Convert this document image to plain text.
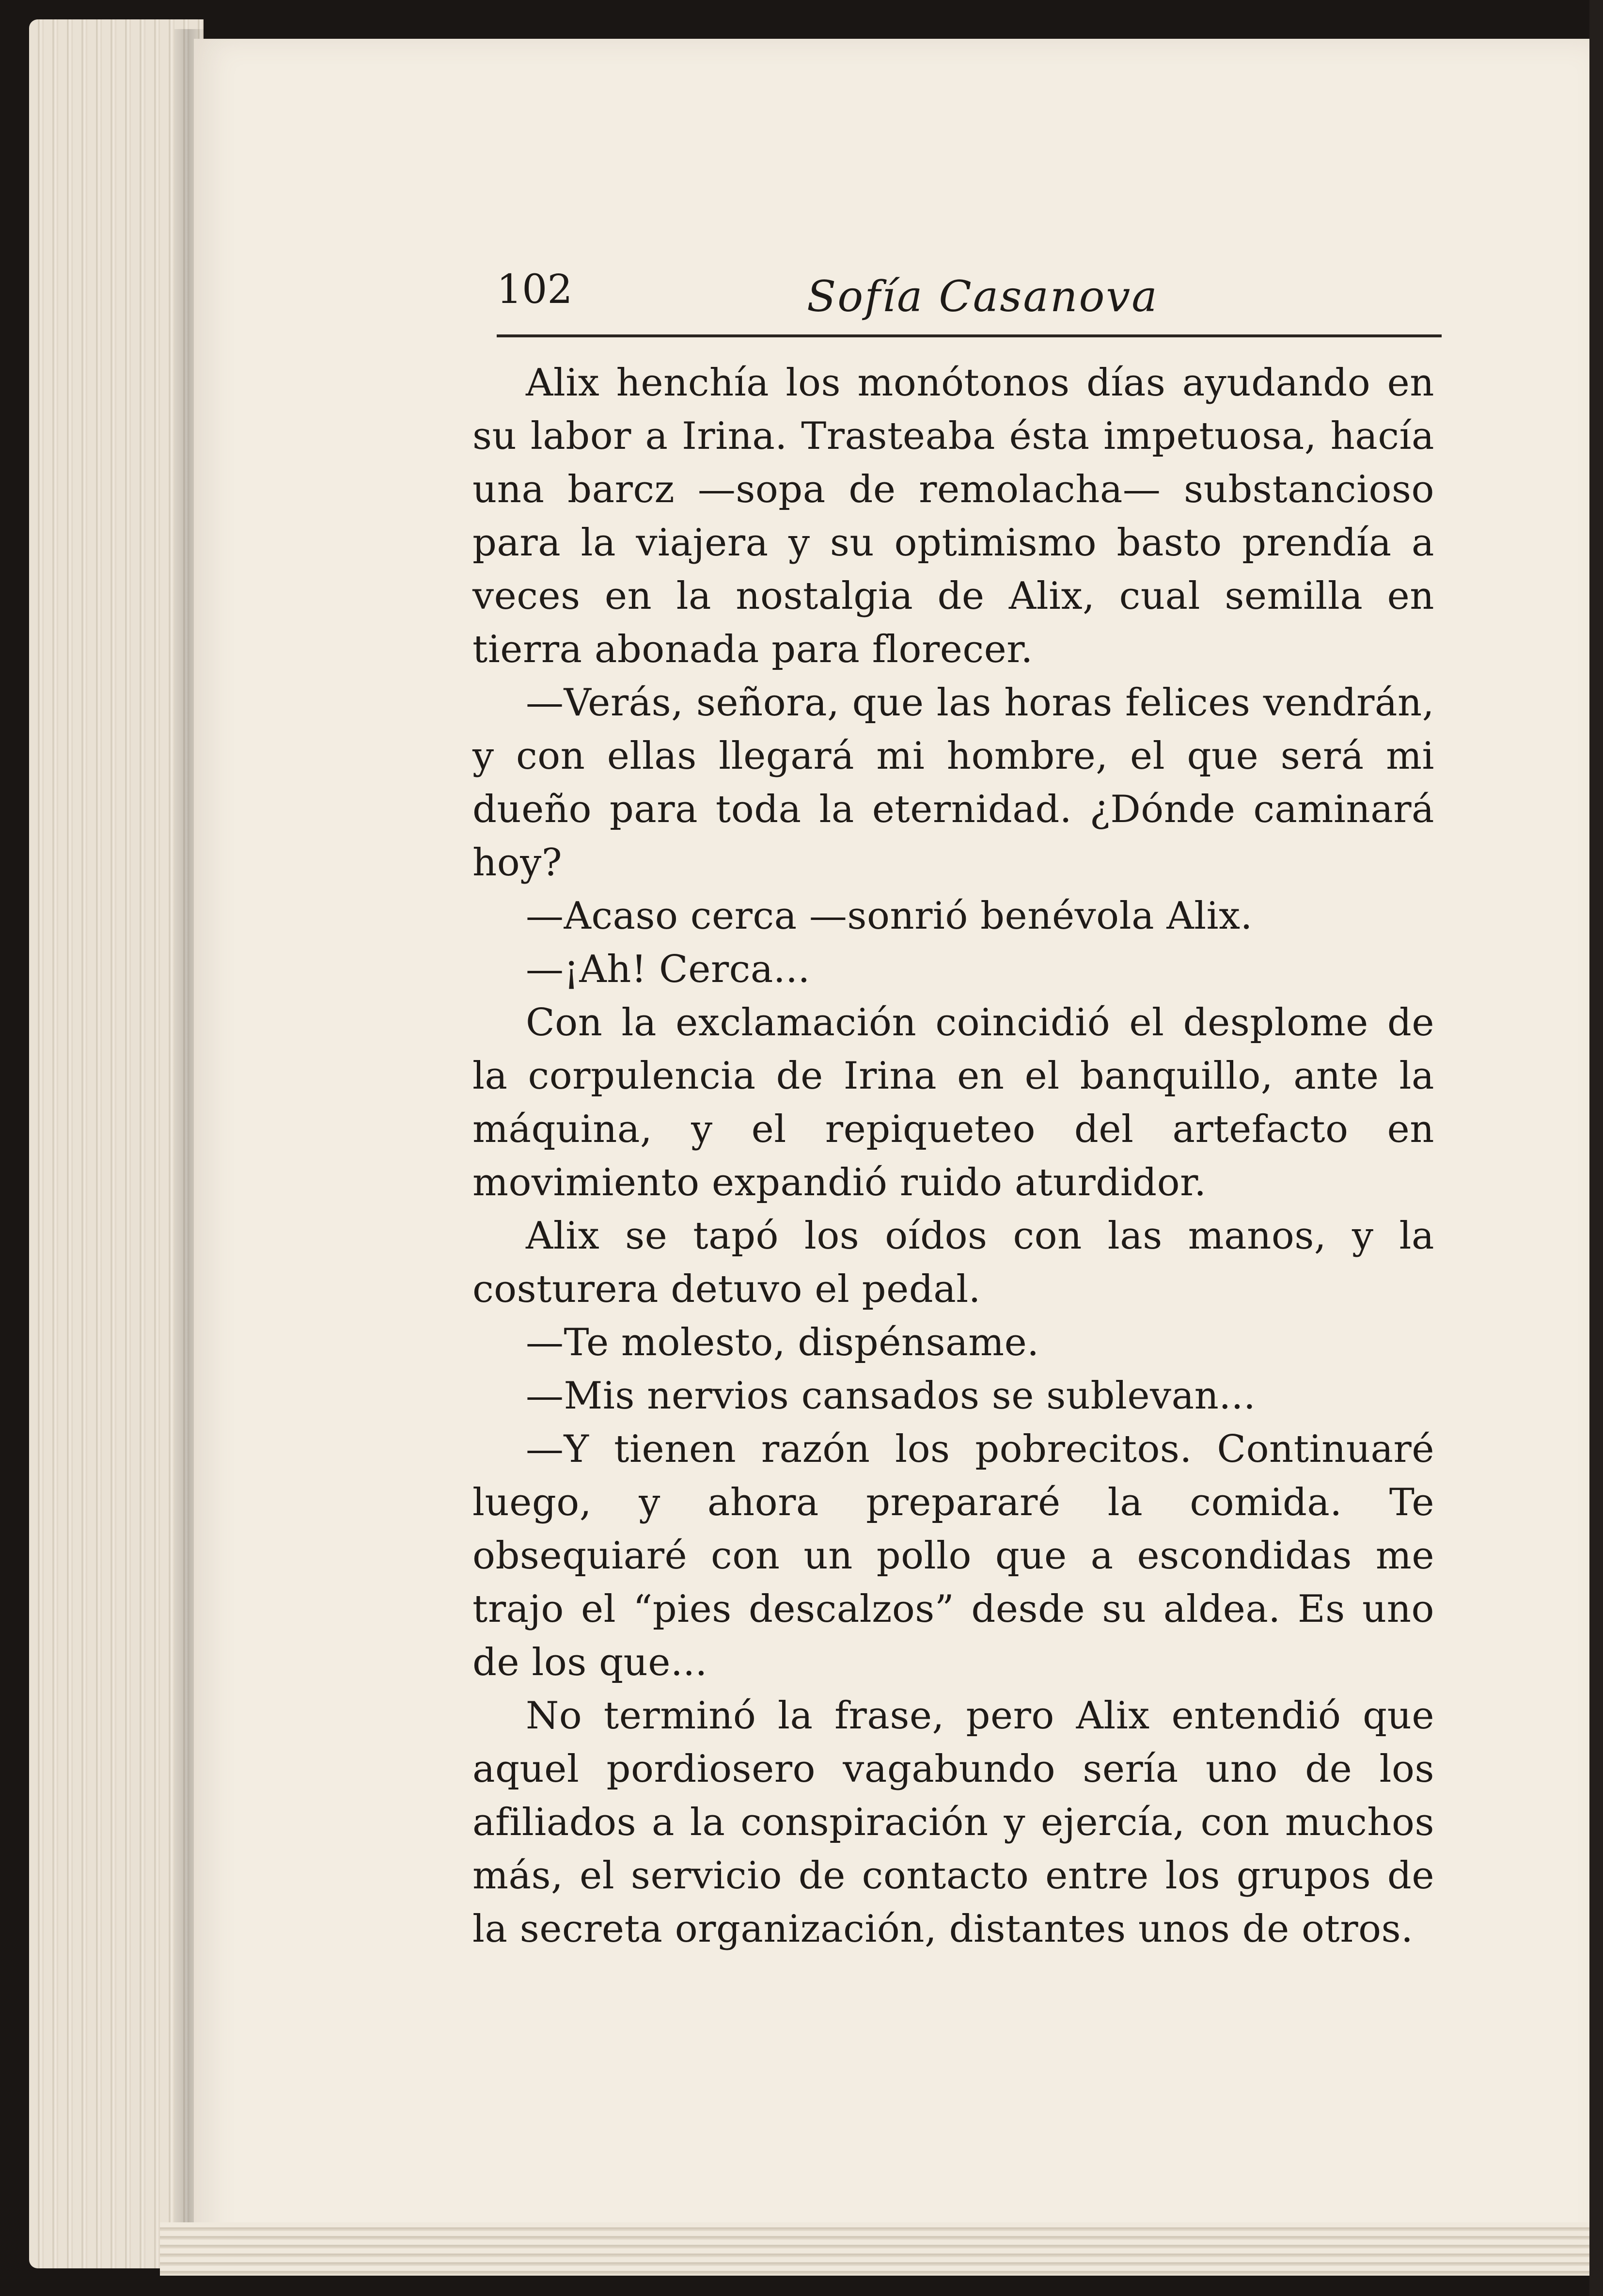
102	Sofía Casanova

Alix henchía los monótonos días ayudando en su labor a Irina. Trasteaba ésta impetuosa, hacía una barcz —sopa de remolacha— substancioso para la viajera y su optimismo basto prendía a veces en la nostalgia de Alix, cual semilla en tierra abonada para florecer.

—Verás, señora, que las horas felices vendrán, y con ellas llegará mi hombre, el que será mi dueño para toda la eternidad. ¿Dónde caminará hoy?

—Acaso cerca —sonrió benévola Alix.

—¡Ah! Cerca...

Con la exclamación coincidió el desplome de la corpulencia de Irina en el banquillo, ante la máquina, y el repiqueteo del artefacto en movimiento expandió ruido aturdidor.

Alix se tapó los oídos con las manos, y la costurera detuvo el pedal.

—Te molesto, dispénsame.

—Mis nervios cansados se sublevan...

—Y tienen razón los pobrecitos. Continuaré luego, y ahora prepararé la comida. Te obsequiaré con un pollo que a escondidas me trajo el “pies descalzos” desde su aldea. Es uno de los que...

No terminó la frase, pero Alix entendió que aquel pordiosero vagabundo sería uno de los afiliados a la conspiración y ejercía, con muchos más, el servicio de contacto entre los grupos de la secreta organización, distantes unos de otros.
